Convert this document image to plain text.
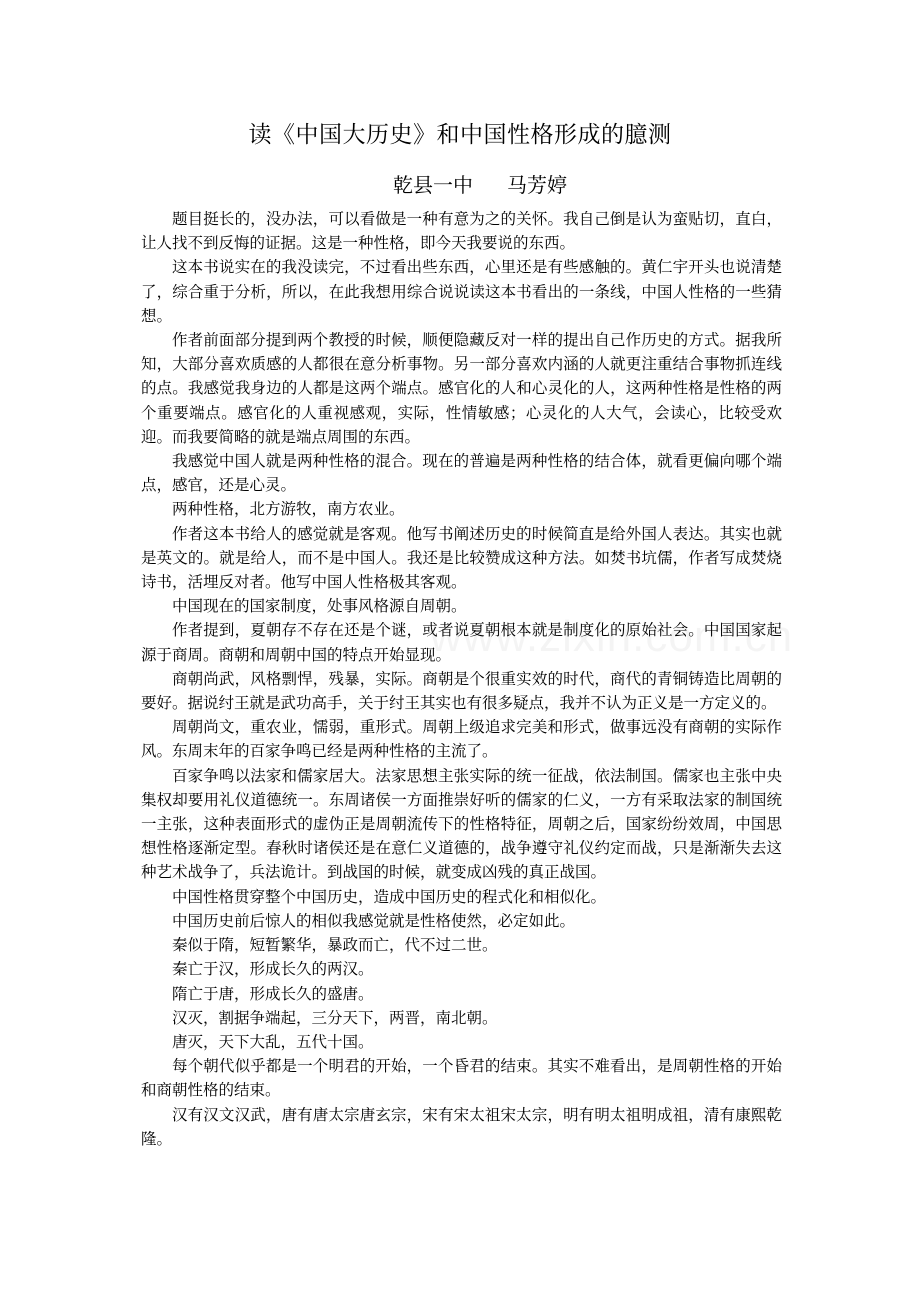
读《中国大历史》和中国性格形成的臆测
乾县一中 马芳婷

题目挺长的，没办法，可以看做是一种有意为之的关怀。我自己倒是认为蛮贴切，直白，让人找不到反悔的证据。这是一种性格，即今天我要说的东西。

这本书说实在的我没读完，不过看出些东西，心里还是有些感触的。黄仁宇开头也说清楚了，综合重于分析，所以，在此我想用综合说说读这本书看出的一条线，中国人性格的一些猜想。

作者前面部分提到两个教授的时候，顺便隐藏反对一样的提出自己作历史的方式。据我所知，大部分喜欢质感的人都很在意分析事物。另一部分喜欢内涵的人就更注重结合事物抓连线的点。我感觉我身边的人都是这两个端点。感官化的人和心灵化的人，这两种性格是性格的两个重要端点。感官化的人重视感观，实际，性情敏感；心灵化的人大气，会读心，比较受欢迎。而我要简略的就是端点周围的东西。

我感觉中国人就是两种性格的混合。现在的普遍是两种性格的结合体，就看更偏向哪个端点，感官，还是心灵。

两种性格，北方游牧，南方农业。

作者这本书给人的感觉就是客观。他写书阐述历史的时候简直是给外国人表达。其实也就是英文的。就是给人，而不是中国人。我还是比较赞成这种方法。如焚书坑儒，作者写成焚烧诗书，活埋反对者。他写中国人性格极其客观。

中国现在的国家制度，处事风格源自周朝。

作者提到，夏朝存不存在还是个谜，或者说夏朝根本就是制度化的原始社会。中国国家起源于商周。商朝和周朝中国的特点开始显现。

商朝尚武，风格剽悍，残暴，实际。商朝是个很重实效的时代，商代的青铜铸造比周朝的要好。据说纣王就是武功高手，关于纣王其实也有很多疑点，我并不认为正义是一方定义的。

周朝尚文，重农业，懦弱，重形式。周朝上级追求完美和形式，做事远没有商朝的实际作风。东周末年的百家争鸣已经是两种性格的主流了。

百家争鸣以法家和儒家居大。法家思想主张实际的统一征战，依法制国。儒家也主张中央集权却要用礼仪道德统一。东周诸侯一方面推崇好听的儒家的仁义，一方有采取法家的制国统一主张，这种表面形式的虚伪正是周朝流传下的性格特征，周朝之后，国家纷纷效周，中国思想性格逐渐定型。春秋时诸侯还是在意仁义道德的，战争遵守礼仪约定而战，只是渐渐失去这种艺术战争了，兵法诡计。到战国的时候，就变成凶残的真正战国。

中国性格贯穿整个中国历史，造成中国历史的程式化和相似化。

中国历史前后惊人的相似我感觉就是性格使然，必定如此。

秦似于隋，短暂繁华，暴政而亡，代不过二世。

秦亡于汉，形成长久的两汉。

隋亡于唐，形成长久的盛唐。

汉灭，割据争端起，三分天下，两晋，南北朝。

唐灭，天下大乱，五代十国。

每个朝代似乎都是一个明君的开始，一个昏君的结束。其实不难看出，是周朝性格的开始和商朝性格的结束。

汉有汉文汉武，唐有唐太宗唐玄宗，宋有宋太祖宋太宗，明有明太祖明成祖，清有康熙乾隆。
